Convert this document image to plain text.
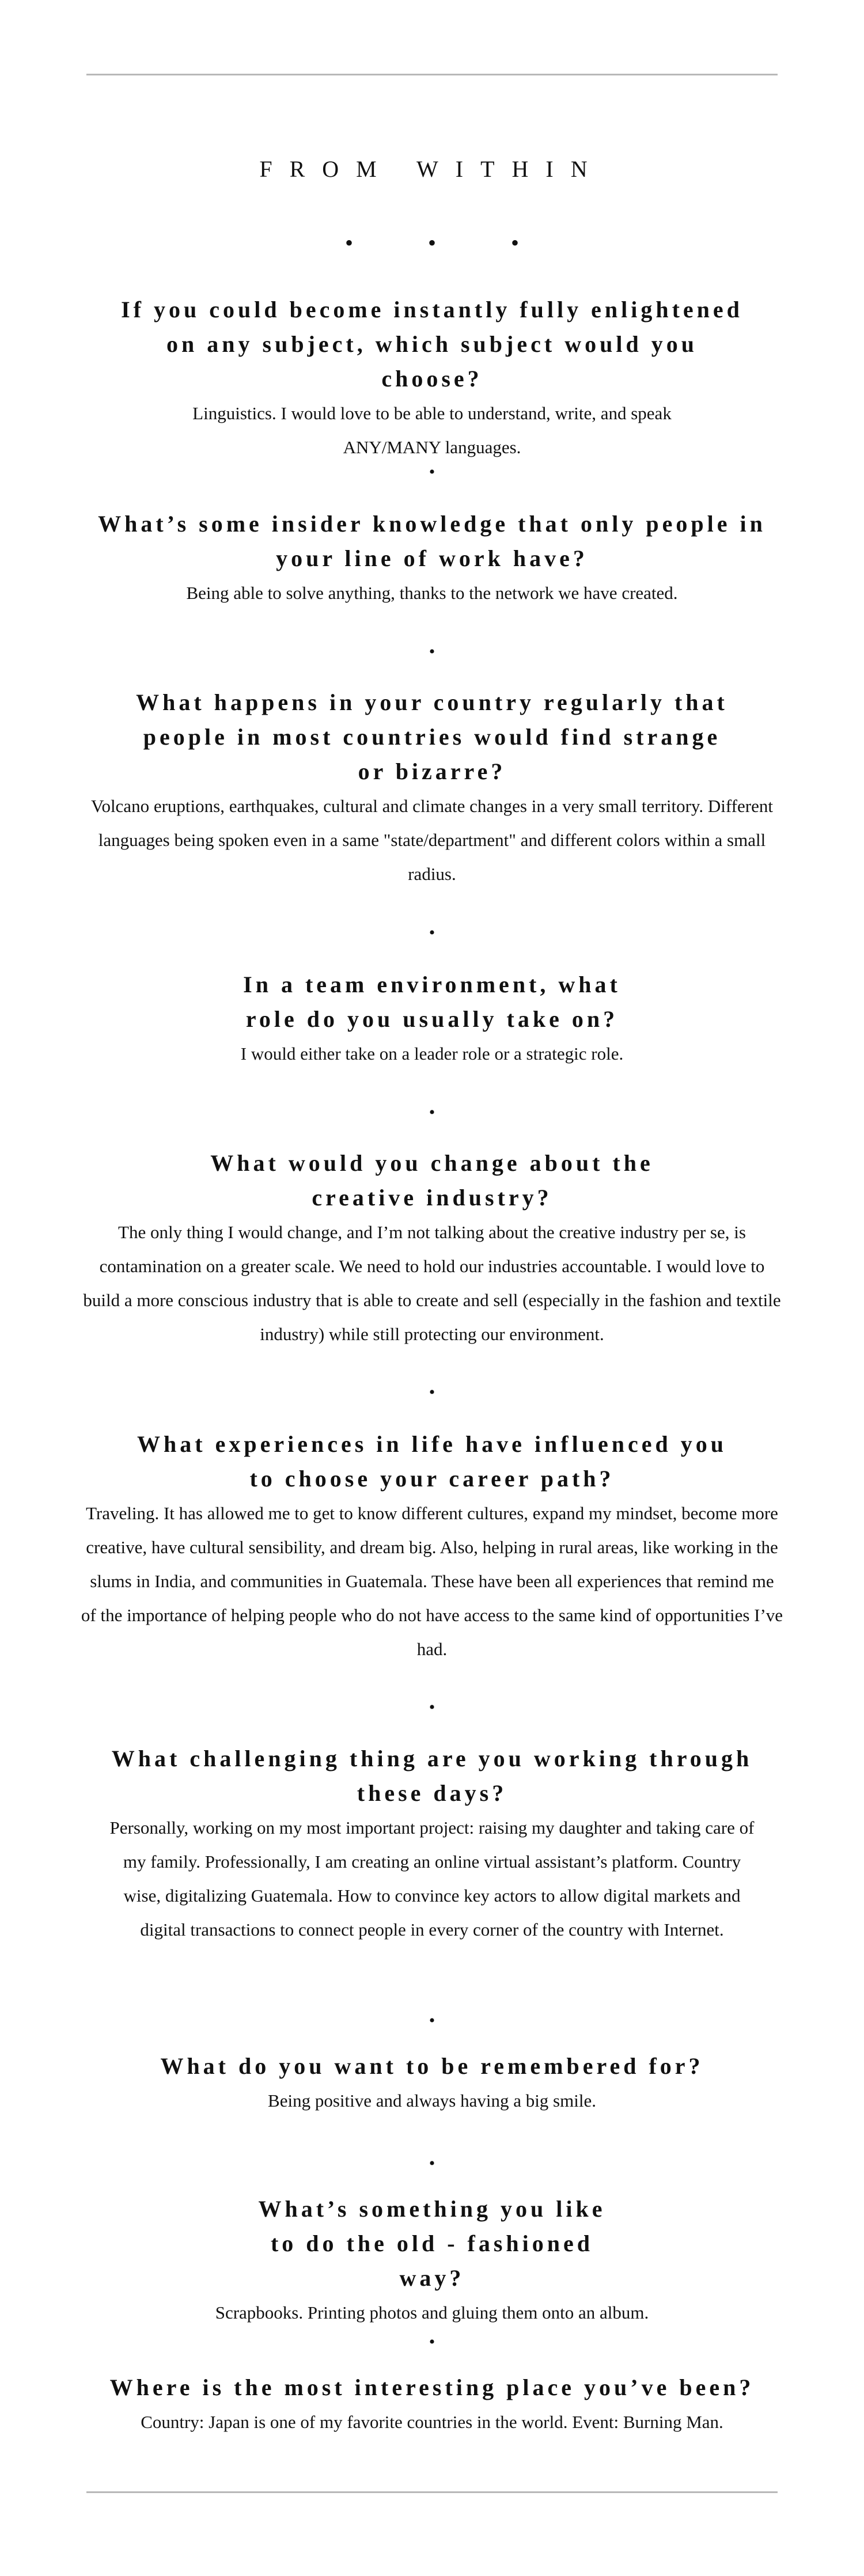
FROM WITHIN
• • •
If you could become instantly fully enlightened on any subject, which subject would you choose?

Linguistics. I would love to be able to understand, write, and speak ANY/MANY languages.

•
What’s some insider knowledge that only people in your line of work have?

Being able to solve anything, thanks to the network we have created.

•
What happens in your country regularly that people in most countries would find strange or bizarre?

Volcano eruptions, earthquakes, cultural and climate changes in a very small territory. Different languages being spoken even in a same "state/department" and different colors within a small radius.

•
In a team environment, what role do you usually take on?

I would either take on a leader role or a strategic role.

•
What would you change about the creative industry?

The only thing I would change, and I’m not talking about the creative industry per se, is contamination on a greater scale. We need to hold our industries accountable. I would love to build a more conscious industry that is able to create and sell (especially in the fashion and textile industry) while still protecting our environment.

•
What experiences in life have influenced you to choose your career path?

Traveling. It has allowed me to get to know different cultures, expand my mindset, become more creative, have cultural sensibility, and dream big. Also, helping in rural areas, like working in the slums in India, and communities in Guatemala. These have been all experiences that remind me of the importance of helping people who do not have access to the same kind of opportunities I’ve had.

•
What challenging thing are you working through these days?

Personally, working on my most important project: raising my daughter and taking care of my family. Professionally, I am creating an online virtual assistant’s platform. Country wise, digitalizing Guatemala. How to convince key actors to allow digital markets and digital transactions to connect people in every corner of the country with Internet.

•
What do you want to be remembered for?

Being positive and always having a big smile.

•
What’s something you like to do the old - fashioned way?

Scrapbooks. Printing photos and gluing them onto an album.

•
Where is the most interesting place you’ve been?

Country: Japan is one of my favorite countries in the world. Event: Burning Man.
